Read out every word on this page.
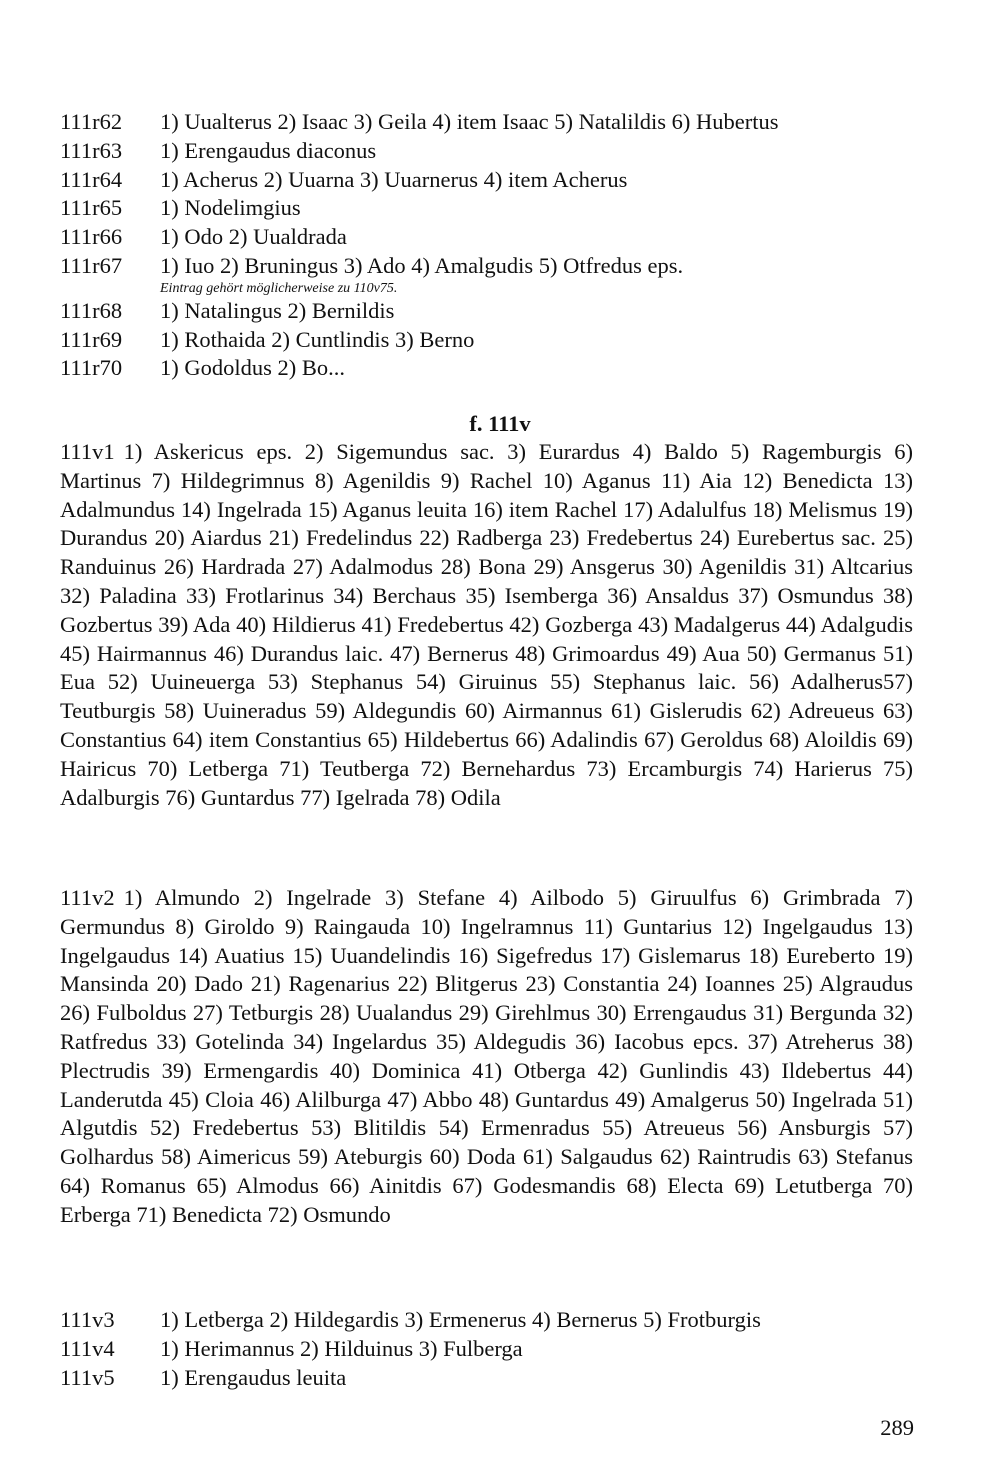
111r62	1) Uualterus 2) Isaac 3) Geila 4) item Isaac 5) Natalildis 6) Hubertus
111r63	1) Erengaudus diaconus
111r64	1) Acherus 2) Uuarna 3) Uuarnerus 4) item Acherus
111r65	1) Nodelimgius
111r66	1) Odo 2) Uualdrada
111r67	1) Iuo 2) Bruningus 3) Ado 4) Amalgudis 5) Otfredus eps.
Eintrag gehört möglicherweise zu 110v75.
111r68	1) Natalingus 2) Bernildis
111r69	1) Rothaida 2) Cuntlindis 3) Berno
111r70	1) Godoldus 2) Bo...
f. 111v
111v1 1) Askericus eps. 2) Sigemundus sac. 3) Eurardus 4) Baldo 5) Ragemburgis 6) Martinus 7) Hildegrimnus 8) Agenildis 9) Rachel 10) Aganus 11) Aia 12) Benedicta 13) Adalmundus 14) Ingelrada 15) Aganus leuita 16) item Rachel 17) Adalulfus 18) Melismus 19) Durandus 20) Aiardus 21) Fredelindus 22) Radberga 23) Fredebertus 24) Eurebertus sac. 25) Randuinus 26) Hardrada 27) Adalmodus 28) Bona 29) Ansgerus 30) Agenildis 31) Altcarius 32) Paladina 33) Frotlarinus 34) Berchaus 35) Isemberga 36) Ansaldus 37) Osmundus 38) Gozbertus 39) Ada 40) Hildierus 41) Fredebertus 42) Gozberga 43) Madalgerus 44) Adalgudis 45) Hairmannus 46) Durandus laic. 47) Bernerus 48) Grimoardus 49) Aua 50) Germanus 51) Eua 52) Uuineuerga 53) Stephanus 54) Giruinus 55) Stephanus laic. 56) Adalherus57) Teutburgis 58) Uuineradus 59) Aldegundis 60) Airmannus 61) Gislerudis 62) Adreueus 63) Constantius 64) item Constantius 65) Hildebertus 66) Adalindis 67) Geroldus 68) Aloildis 69) Hairicus 70) Letberga 71) Teutberga 72) Bernehardus 73) Ercamburgis 74) Harierus 75) Adalburgis 76) Guntardus 77) Igelrada 78) Odila
111v2 1) Almundo 2) Ingelrade 3) Stefane 4) Ailbodo 5) Giruulfus 6) Grimbrada 7) Germundus 8) Giroldo 9) Raingauda 10) Ingelramnus 11) Guntarius 12) Ingelgaudus 13) Ingelgaudus 14) Auatius 15) Uuandelindis 16) Sigefredus 17) Gislemarus 18) Eureberto 19) Mansinda 20) Dado 21) Ragenarius 22) Blitgerus 23) Constantia 24) Ioannes 25) Algraudus 26) Fulboldus 27) Tetburgis 28) Uualandus 29) Girehlmus 30) Errengaudus 31) Bergunda 32) Ratfredus 33) Gotelinda 34) Ingelardus 35) Aldegudis 36) Iacobus epcs. 37) Atreherus 38) Plectrudis 39) Ermengardis 40) Dominica 41) Otberga 42) Gunlindis 43) Ildebertus 44) Landerutda 45) Cloia 46) Alilburga 47) Abbo 48) Guntardus 49) Amalgerus 50) Ingelrada 51) Algutdis 52) Fredebertus 53) Blitildis 54) Ermenradus 55) Atreueus 56) Ansburgis 57) Golhardus 58) Aimericus 59) Ateburgis 60) Doda 61) Salgaudus 62) Raintrudis 63) Stefanus 64) Romanus 65) Almodus 66) Ainitdis 67) Godesmandis 68) Electa 69) Letutberga 70) Erberga 71) Benedicta 72) Osmundo
111v3	1) Letberga 2) Hildegardis 3) Ermenerus 4) Bernerus 5) Frotburgis
111v4	1) Herimannus 2) Hilduinus 3) Fulberga
111v5	1) Erengaudus leuita
289
